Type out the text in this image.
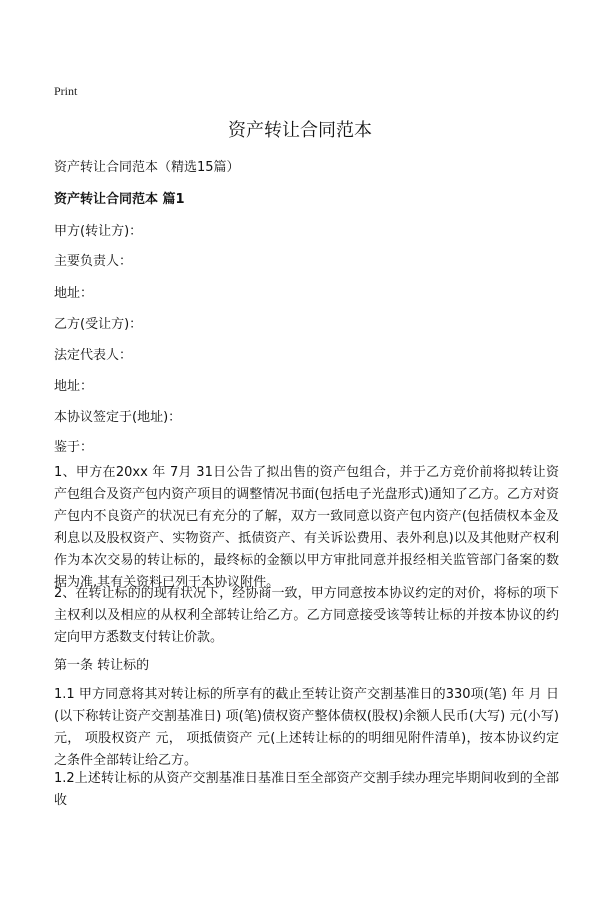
Print
资产转让合同范本
资产转让合同范本（精选15篇）
资产转让合同范本 篇1
甲方(转让方)：
主要负责人：
地址：
乙方(受让方)：
法定代表人：
地址：
本协议签定于(地址)：
鉴于：
1、甲方在20xx 年 7月 31日公告了拟出售的资产包组合，并于乙方竞价前将拟转让资产包组合及资产包内资产项目的调整情况书面(包括电子光盘形式)通知了乙方。乙方对资产包内不良资产的状况已有充分的了解，双方一致同意以资产包内资产(包括债权本金及利息以及股权资产、实物资产、抵债资产、有关诉讼费用、表外利息)以及其他财产权利作为本次交易的转让标的，最终标的金额以甲方审批同意并报经相关监管部门备案的数据为准,其有关资料已列于本协议附件。
2、在转让标的的现有状况下，经协商一致，甲方同意按本协议约定的对价，将标的项下主权利以及相应的从权利全部转让给乙方。乙方同意接受该等转让标的并按本协议的约定向甲方悉数支付转让价款。
第一条 转让标的
1.1 甲方同意将其对转让标的所享有的截止至转让资产交割基准日的330项(笔) 年 月 日 (以下称转让资产交割基准日) 项(笔)债权资产整体债权(股权)余额人民币(大写) 元(小写) 元， 项股权资产 元， 项抵债资产 元(上述转让标的的明细见附件清单)，按本协议约定之条件全部转让给乙方。
1.2上述转让标的从资产交割基准日基准日至全部资产交割手续办理完毕期间收到的全部收
